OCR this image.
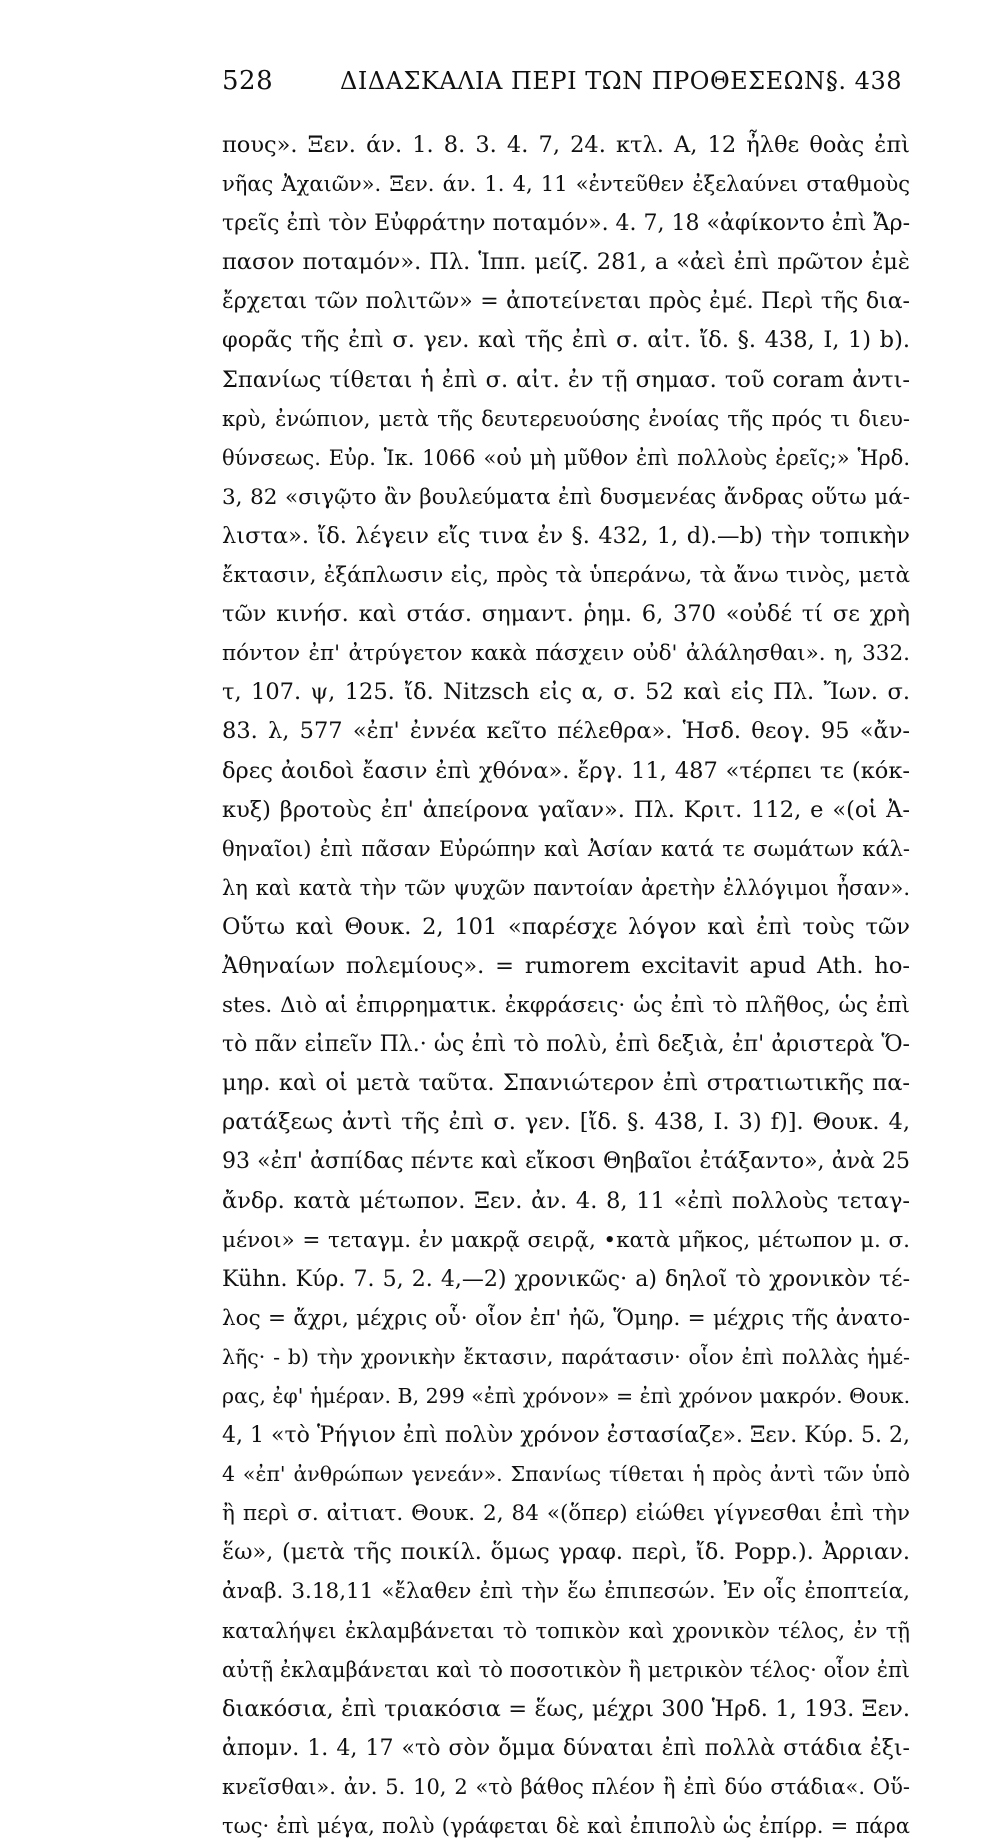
528	ΔΙΔΑΣΚΑΛΙΑ ΠΕΡΙ ΤΩΝ ΠΡΟΘΕΣΕΩΝ.
§. 438
πους». Ξεν. άν. 1. 8. 3. 4. 7, 24. κτλ. Α, 12 ἦλθε θοὰς ἐπὶ
νῆας Ἀχαιῶν». Ξεν. άν. 1. 4, 11 «ἐντεῦθεν ἐξελαύνει σταθμοὺς
τρεῖς ἐπὶ τὸν Εὐφράτην ποταμόν». 4. 7, 18 «ἀφίκοντο ἐπὶ Ἄρ-
πασον ποταμόν». Πλ. Ἱππ. μείζ. 281, a «ἀεὶ ἐπὶ πρῶτον ἐμὲ
ἔρχεται τῶν πολιτῶν» = ἀποτείνεται πρὸς ἐμέ. Περὶ τῆς δια-
φορᾶς τῆς ἐπὶ σ. γεν. καὶ τῆς ἐπὶ σ. αἰτ. ἴδ. §. 438, I, 1) b).
Σπανίως τίθεται ἡ ἐπὶ σ. αἰτ. ἐν τῇ σημασ. τοῦ coram ἀντι-
κρὺ, ἐνώπιον, μετὰ τῆς δευτερευούσης ἐνοίας τῆς πρός τι διευ-
θύνσεως. Εὐρ. Ἱκ. 1066 «οὐ μὴ μῦθον ἐπὶ πολλοὺς ἐρεῖς;» Ἡρδ.
3, 82 «σιγῷτο ἂν βουλεύματα ἐπὶ δυσμενέας ἄνδρας οὕτω μά-
λιστα». ἴδ. λέγειν εἴς τινα ἐν §. 432, 1, d).—b) τὴν τοπικὴν
ἔκτασιν, ἐξάπλωσιν εἰς, πρὸς τὰ ὑπεράνω, τὰ ἄνω τινὸς, μετὰ
τῶν κινήσ. καὶ στάσ. σημαντ. ῥημ. 6, 370 «οὐδέ τί σε χρὴ
πόντον ἐπ' ἀτρύγετον κακὰ πάσχειν οὐδ' ἀλάλησθαι». η, 332.
τ, 107. ψ, 125. ἴδ. Nitzsch εἰς α, σ. 52 καὶ εἰς Πλ. Ἴων. σ.
83. λ, 577 «ἐπ' ἐννέα κεῖτο πέλεθρα». Ἡσδ. θεογ. 95 «ἄν-
δρες ἀοιδοὶ ἔασιν ἐπὶ χθόνα». ἔργ. 11, 487 «τέρπει τε (κόκ-
κυξ) βροτοὺς ἐπ' ἀπείρονα γαῖαν». Πλ. Κριτ. 112, e «(οἱ Ἀ-
θηναῖοι) ἐπὶ πᾶσαν Εὐρώπην καὶ Ἀσίαν κατά τε σωμάτων κάλ-
λη καὶ κατὰ τὴν τῶν ψυχῶν παντοίαν ἀρετὴν ἐλλόγιμοι ἦσαν».
Οὕτω καὶ Θουκ. 2, 101 «παρέσχε λόγον καὶ ἐπὶ τοὺς τῶν
Ἀθηναίων πολεμίους». = rumorem excitavit apud Ath. ho-
stes. Διὸ αἱ ἐπιρρηματικ. ἐκφράσεις· ὡς ἐπὶ τὸ πλῆθος, ὡς ἐπὶ
τὸ πᾶν εἰπεῖν Πλ.· ὡς ἐπὶ τὸ πολὺ, ἐπὶ δεξιὰ, ἐπ' ἀριστερὰ Ὅ-
μηρ. καὶ οἱ μετὰ ταῦτα. Σπανιώτερον ἐπὶ στρατιωτικῆς πα-
ρατάξεως ἀντὶ τῆς ἐπὶ σ. γεν. [ἴδ. §. 438, I. 3) f)]. Θουκ. 4,
93 «ἐπ' ἀσπίδας πέντε καὶ εἴκοσι Θηβαῖοι ἐτάξαντο», ἀνὰ 25
ἄνδρ. κατὰ μέτωπον. Ξεν. ἀν. 4. 8, 11 «ἐπὶ πολλοὺς τεταγ-
μένοι» = τεταγμ. ἐν μακρᾷ σειρᾷ, •κατὰ μῆκος, μέτωπον μ. σ.
Kühn. Κύρ. 7. 5, 2. 4,—2) χρονικῶς· a) δηλοῖ τὸ χρονικὸν τέ-
λος = ἄχρι, μέχρις οὗ· οἷον ἐπ' ἠῶ, Ὅμηρ. = μέχρις τῆς ἀνατο-
λῆς· - b) τὴν χρονικὴν ἔκτασιν, παράτασιν· οἷον ἐπὶ πολλὰς ἡμέ-
ρας, ἐφ' ἡμέραν. Β, 299 «ἐπὶ χρόνον» = ἐπὶ χρόνον μακρόν. Θουκ.
4, 1 «τὸ Ῥήγιον ἐπὶ πολὺν χρόνον ἐστασίαζε». Ξεν. Κύρ. 5. 2,
4 «ἐπ' ἀνθρώπων γενεάν». Σπανίως τίθεται ἡ πρὸς ἀντὶ τῶν ὑπὸ
ἢ περὶ σ. αἰτιατ. Θουκ. 2, 84 «(ὅπερ) εἰώθει γίγνεσθαι ἐπὶ τὴν
ἕω», (μετὰ τῆς ποικίλ. ὅμως γραφ. περὶ, ἴδ. Popp.). Ἀρριαν.
ἀναβ. 3.18,11 «ἔλαθεν ἐπὶ τὴν ἕω ἐπιπεσών. Ἐν οἷς ἐποπτεία,
καταλήψει ἐκλαμβάνεται τὸ τοπικὸν καὶ χρονικὸν τέλος, ἐν τῇ
αὐτῇ ἐκλαμβάνεται καὶ τὸ ποσοτικὸν ἢ μετρικὸν τέλος· οἷον ἐπὶ
διακόσια, ἐπὶ τριακόσια = ἕως, μέχρι 300 Ἡρδ. 1, 193. Ξεν.
ἀπομν. 1. 4, 17 «τὸ σὸν ὄμμα δύναται ἐπὶ πολλὰ στάδια ἐξι-
κνεῖσθαι». ἀν. 5. 10, 2 «τὸ βάθος πλέον ἢ ἐπὶ δύο στάδια«. Οὕ-
τως· ἐπὶ μέγα, πολὺ (γράφεται δὲ καὶ ἐπιπολὺ ὡς ἐπίρρ. = πάρα
